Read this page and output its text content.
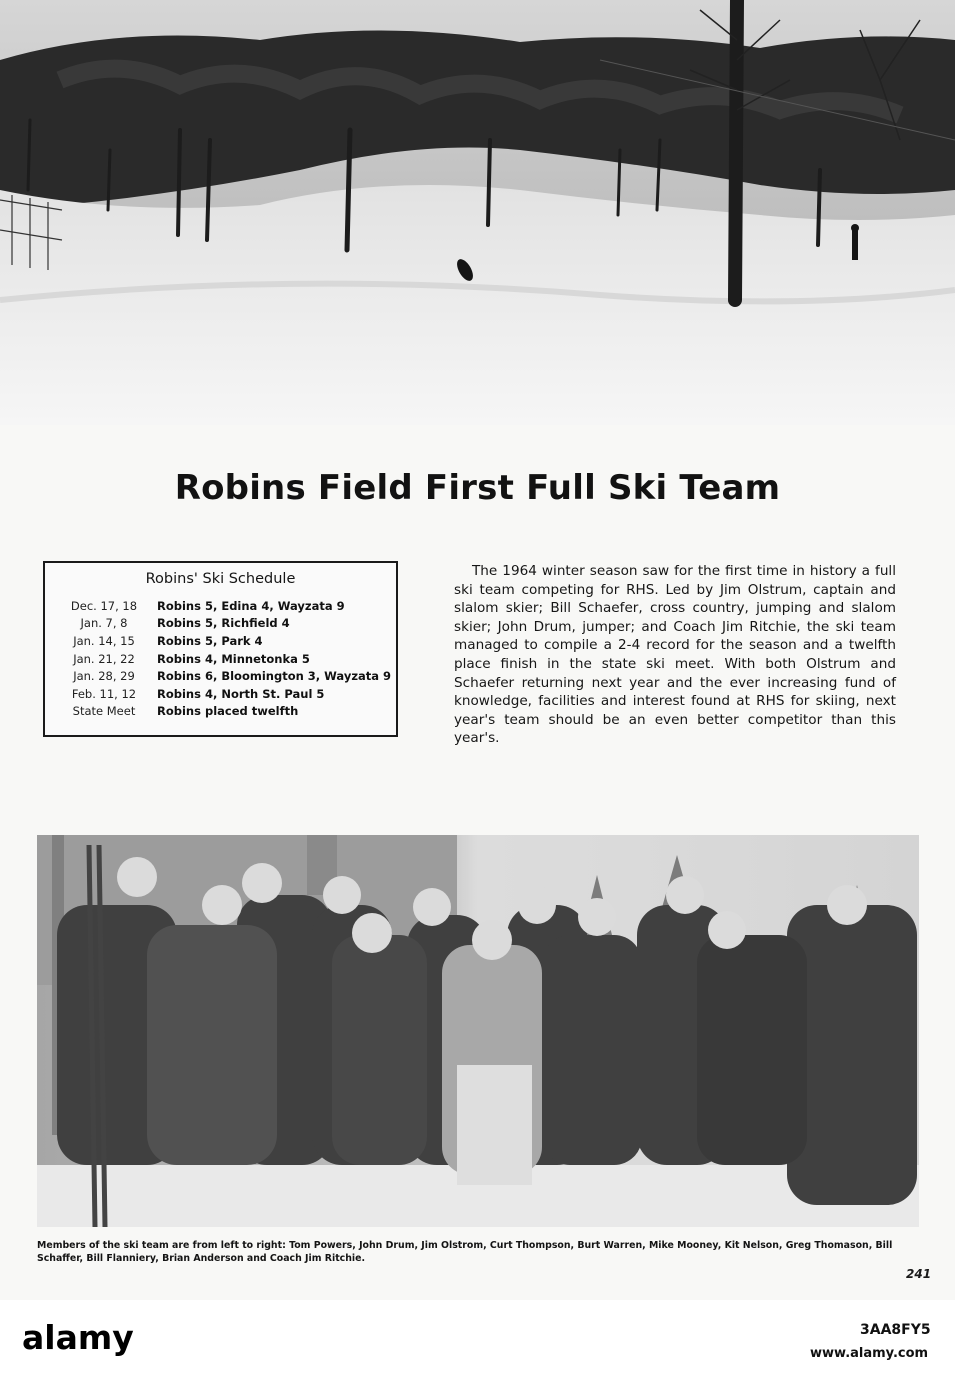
Robins Field First Full Ski Team
Robins' Ski Schedule
Dec. 17, 18	Robins 5, Edina 4, Wayzata 9
Jan. 7, 8	Robins 5, Richfield 4
Jan. 14, 15	Robins 5, Park 4
Jan. 21, 22	Robins 4, Minnetonka 5
Jan. 28, 29	Robins 6, Bloomington 3, Wayzata 9
Feb. 11, 12	Robins 4, North St. Paul 5
State Meet	Robins placed twelfth

The 1964 winter season saw for the first time in history a full ski team competing for RHS. Led by Jim Olstrum, captain and slalom skier; Bill Schaefer, cross country, jumping and slalom skier; John Drum, jumper; and Coach Jim Ritchie, the ski team managed to compile a 2-4 record for the season and a twelfth place finish in the state ski meet. With both Olstrum and Schaefer returning next year and the ever increasing fund of knowledge, facilities and interest found at RHS for skiing, next year's team should be an even better competitor than this year's.

Members of the ski team are from left to right: Tom Powers, John Drum, Jim Olstrom, Curt Thompson, Burt Warren, Mike Mooney, Kit Nelson, Greg Thomason, Bill Schaffer, Bill Flanniery, Brian Anderson and Coach Jim Ritchie.

241
alamy	3AA8FY5
www.alamy.com
